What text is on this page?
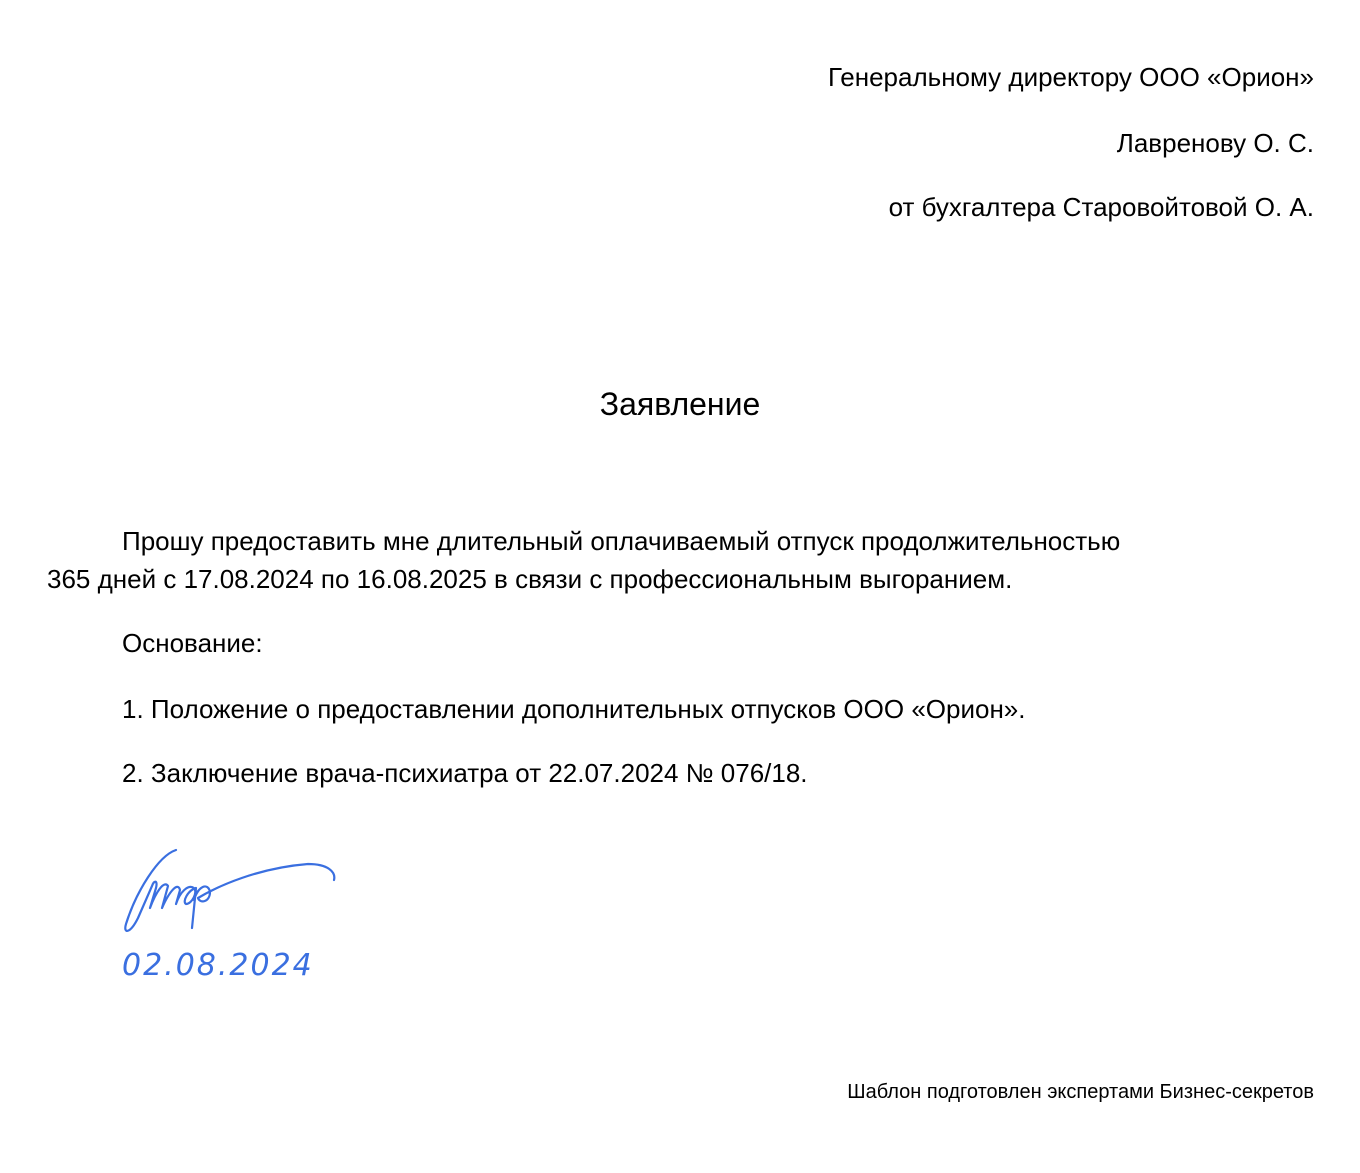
Генеральному директору ООО «Орион»
Лавренову О. С.
от бухгалтера Старовойтовой О. А.
Заявление
Прошу предоставить мне длительный оплачиваемый отпуск продолжительностью
365 дней с 17.08.2024 по 16.08.2025 в связи с профессиональным выгоранием.
Основание:
1. Положение о предоставлении дополнительных отпусков ООО «Орион».
2. Заключение врача-психиатра от 22.07.2024 № 076/18.
02.08.2024
Шаблон подготовлен экспертами Бизнес-секретов
